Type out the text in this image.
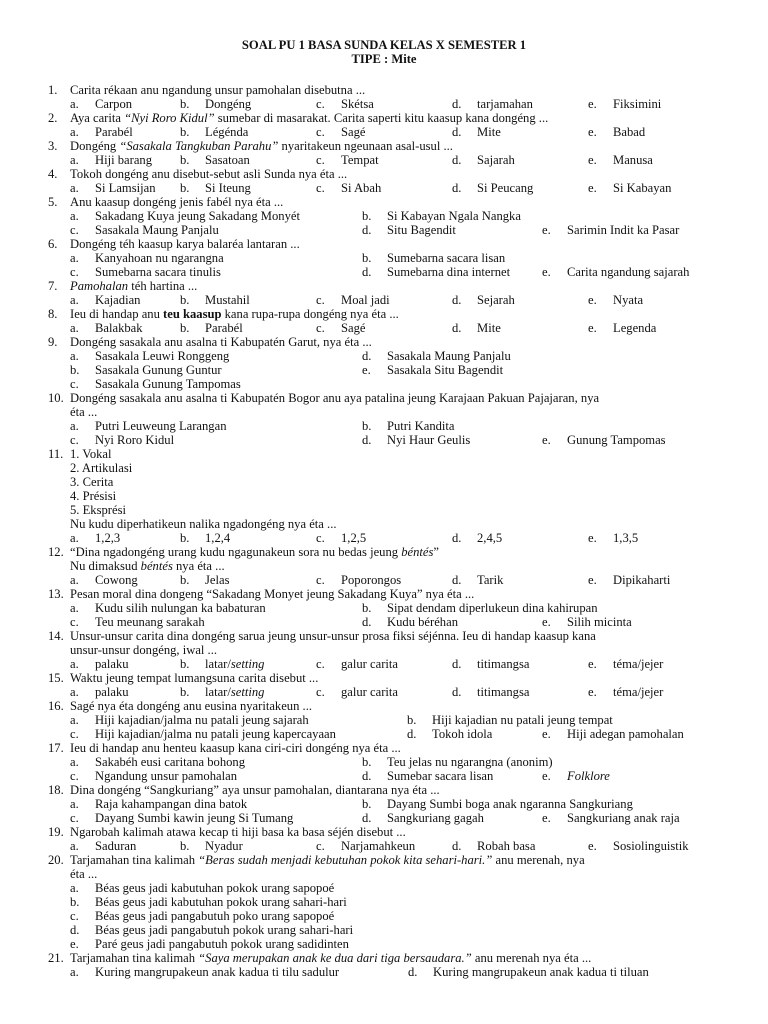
SOAL PU 1 BASA SUNDA KELAS X SEMESTER 1
TIPE : Mite
1. Carita rékaan anu ngandung unsur pamohalan disebutna ...
a. Carpon	b. Dongéng	c. Skétsa	d. tarjamahan	e. Fiksimini
2. Aya carita “Nyi Roro Kidul” sumebar di masarakat. Carita saperti kitu kaasup kana dongéng ...
a. Parabél	b. Légénda	c. Sagé	d. Mite	e. Babad
3. Dongéng “Sasakala Tangkuban Parahu” nyaritakeun ngeunaan asal-usul ...
a. Hiji barang b. Sasatoan	c. Tempat	d. Sajarah	e. Manusa
4. Tokoh dongéng anu disebut-sebut asli Sunda nya éta ...
a. Si Lamsijan b. Si Iteung	c. Si Abah	d. Si Peucang	e. Si Kabayan
5. Anu kaasup dongéng jenis fabél nya éta ...
a. Sakadang Kuya jeung Sakadang Monyét	b. Si Kabayan Ngala Nangka
c. Sasakala Maung Panjalu	d. Situ Bagendit	e. Sarimin Indit ka Pasar
6. Dongéng téh kaasup karya balaréa lantaran ...
a. Kanyahoan nu ngarangna	b. Sumebarna sacara lisan
c. Sumebarna sacara tinulis	d. Sumebarna dina internet	e. Carita ngandung sajarah
7. Pamohalan téh hartina ...
a. Kajadian	b. Mustahil	c. Moal jadi	d. Sejarah	e. Nyata
8. Ieu di handap anu teu kaasup kana rupa-rupa dongéng nya éta ...
a. Balakbak	b. Parabél	c. Sagé	d. Mite	e. Legenda
9. Dongéng sasakala anu asalna ti Kabupatén Garut, nya éta ...
a. Sasakala Leuwi Ronggeng	d. Sasakala Maung Panjalu
b. Sasakala Gunung Guntur	e. Sasakala Situ Bagendit
c. Sasakala Gunung Tampomas
10. Dongéng sasakala anu asalna ti Kabupatén Bogor anu aya patalina jeung Karajaan Pakuan Pajajaran, nya
éta ...
a. Putri Leuweung Larangan	b. Putri Kandita
c. Nyi Roro Kidul	d. Nyi Haur Geulis	e. Gunung Tampomas
11. 1. Vokal
2. Artikulasi
3. Cerita
4. Présisi
5. Eksprési
Nu kudu diperhatikeun nalika ngadongéng nya éta ...
a. 1,2,3	b. 1,2,4	c. 1,2,5	d. 2,4,5	e. 1,3,5
12. “Dina ngadongéng urang kudu ngagunakeun sora nu bedas jeung béntés”
Nu dimaksud béntés nya éta ...
a. Cowong	b. Jelas	c. Poporongos	d. Tarik	e. Dipikaharti
13. Pesan moral dina dongeng “Sakadang Monyet jeung Sakadang Kuya” nya éta ...
a. Kudu silih nulungan ka babaturan	b. Sipat dendam diperlukeun dina kahirupan
c. Teu meunang sarakah	d. Kudu béréhan	e. Silih micinta
14. Unsur-unsur carita dina dongéng sarua jeung unsur-unsur prosa fiksi séjénna. Ieu di handap kaasup kana
unsur-unsur dongéng, iwal ...
a. palaku	b. latar/setting	c. galur carita	d. titimangsa	e. téma/jejer
15. Waktu jeung tempat lumangsuna carita disebut ...
a. palaku	b. latar/setting	c. galur carita	d. titimangsa	e. téma/jejer
16. Sagé nya éta dongéng anu eusina nyaritakeun ...
a. Hiji kajadian/jalma nu patali jeung sajarah	b. Hiji kajadian nu patali jeung tempat
c. Hiji kajadian/jalma nu patali jeung kapercayaan	d. Tokoh idola	e. Hiji adegan pamohalan
17. Ieu di handap anu henteu kaasup kana ciri-ciri dongéng nya éta ...
a. Sakabéh eusi caritana bohong	b. Teu jelas nu ngarangna (anonim)
c. Ngandung unsur pamohalan	d. Sumebar sacara lisan	e. Folklore
18. Dina dongéng “Sangkuriang” aya unsur pamohalan, diantarana nya éta ...
a. Raja kahampangan dina batok	b. Dayang Sumbi boga anak ngaranna Sangkuriang
c. Dayang Sumbi kawin jeung Si Tumang	d. Sangkuriang gagah	e. Sangkuriang anak raja
19. Ngarobah kalimah atawa kecap ti hiji basa ka basa séjén disebut ...
a. Saduran	b. Nyadur	c. Narjamahkeun	d. Robah basa	e. Sosiolinguistik
20. Tarjamahan tina kalimah “Beras sudah menjadi kebutuhan pokok kita sehari-hari.” anu merenah, nya
éta ...
a. Béas geus jadi kabutuhan pokok urang sapopoé
b. Béas geus jadi kabutuhan pokok urang sahari-hari
c. Béas geus jadi pangabutuh poko urang sapopoé
d. Béas geus jadi pangabutuh pokok urang sahari-hari
e. Paré geus jadi pangabutuh pokok urang sadidinten
21. Tarjamahan tina kalimah “Saya merupakan anak ke dua dari tiga bersaudara.” anu merenah nya éta ...
a. Kuring mangrupakeun anak kadua ti tilu sadulur	d. Kuring mangrupakeun anak kadua ti tiluan
